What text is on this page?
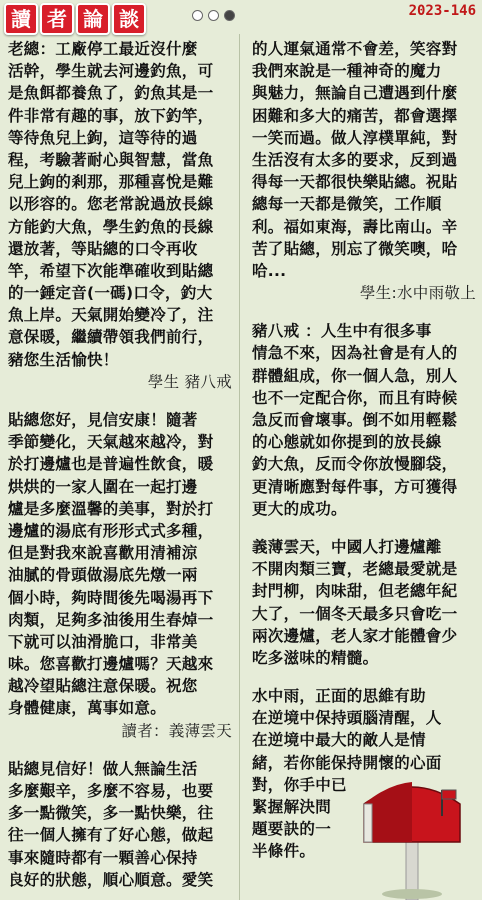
讀 者 論 談	2023-146
老總：工廠停工最近沒什麼
活幹，學生就去河邊釣魚，可
是魚餌都養魚了，釣魚其是一
件非常有趣的事，放下釣竿，
等待魚兒上鉤，這等待的過
程，考驗著耐心與智慧，當魚
兒上鉤的剎那，那種喜悅是難
以形容的。您老常說過放長線
方能釣大魚，學生釣魚的長線
還放著，等貼總的口令再收
竿，希望下次能準確收到貼總
的一錘定音(一碼)口令，釣大
魚上岸。天氣開始變冷了，注
意保暖，繼續帶領我們前行，
豬您生活愉快！
學生 豬八戒
貼總您好，見信安康！隨著
季節變化，天氣越來越冷，對
於打邊爐也是普遍性飲食，暖
烘烘的一家人圍在一起打邊
爐是多麼溫馨的美事，對於打
邊爐的湯底有形形式式多種，
但是對我來說喜歡用清補涼
油膩的骨頭做湯底先燉一兩
個小時，夠時間後先喝湯再下
肉類，足夠多油後用生春焯一
下就可以油滑脆口，非常美
味。您喜歡打邊爐嗎？天越來
越冷望貼總注意保暖。祝您
身體健康，萬事如意。
讀者：義薄雲天
貼總見信好！做人無論生活
多麼艱辛，多麼不容易，也要
多一點微笑，多一點快樂，往
往一個人擁有了好心態，做起
事來隨時都有一顆善心保持
良好的狀態，順心順意。愛笑
的人運氣通常不會差，笑容對
我們來說是一種神奇的魔力
與魅力，無論自己遭遇到什麼
困難和多大的痛苦，都會選擇
一笑而過。做人淳樸單純，對
生活沒有太多的要求，反到過
得每一天都很快樂貼總。祝貼
總每一天都是微笑，工作順
利。福如東海，壽比南山。辛
苦了貼總，別忘了微笑噢，哈
哈...
學生:水中雨敬上
豬八戒 ：人生中有很多事
情急不來，因為社會是有人的
群體組成，你一個人急，別人
也不一定配合你，而且有時候
急反而會壞事。倒不如用輕鬆
的心態就如你提到的放長線
釣大魚，反而令你放慢腳袋，
更清晰應對每件事，方可獲得
更大的成功。
義薄雲天，中國人打邊爐離
不開肉類三寶，老總最愛就是
封門柳，肉味甜，但老總年紀
大了，一個冬天最多只會吃一
兩次邊爐，老人家才能體會少
吃多滋味的精髓。
水中雨，正面的思維有助
在逆境中保持頭腦清醒，人
在逆境中最大的敵人是情
緒，若你能保持開懷的心面
對，你手中已
緊握解決問
題要訣的一
半條件。
